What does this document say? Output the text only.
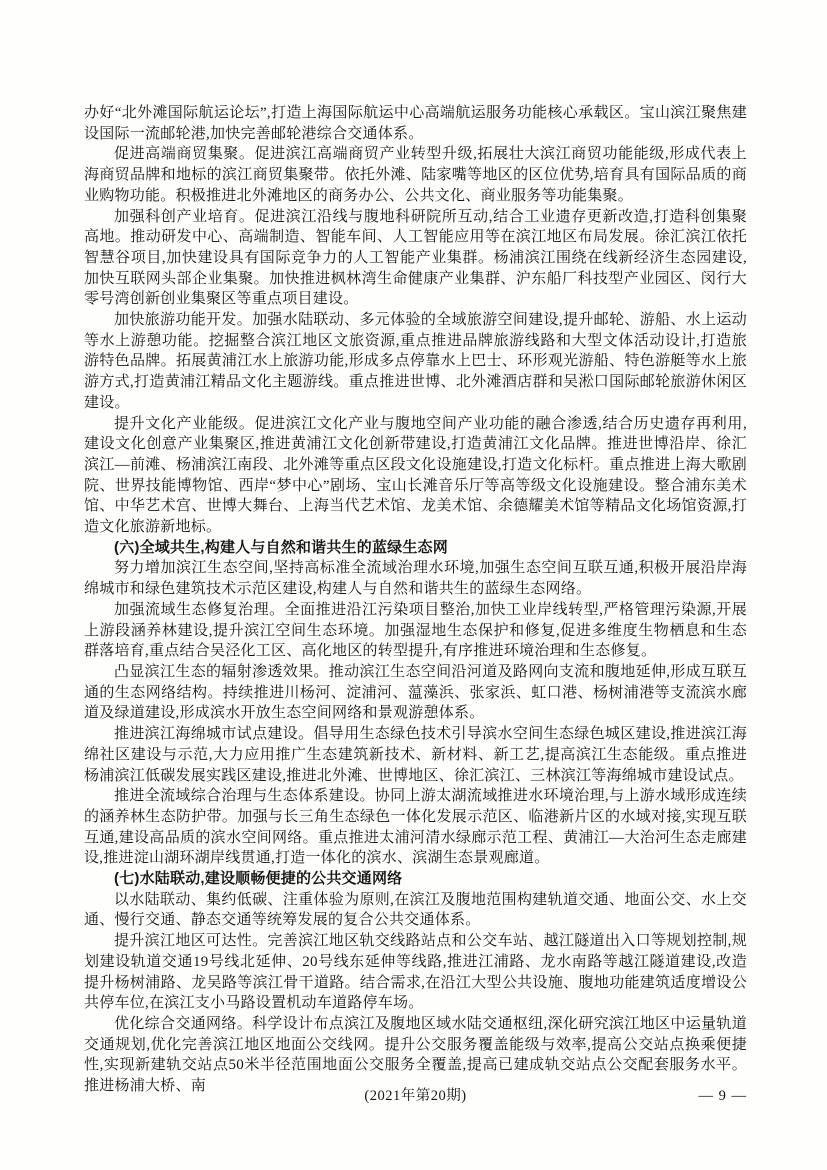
办好“北外滩国际航运论坛”,打造上海国际航运中心高端航运服务功能核心承载区。宝山滨江聚焦建设国际一流邮轮港,加快完善邮轮港综合交通体系。

促进高端商贸集聚。促进滨江高端商贸产业转型升级,拓展壮大滨江商贸功能能级,形成代表上海商贸品牌和地标的滨江商贸集聚带。依托外滩、陆家嘴等地区的区位优势,培育具有国际品质的商业购物功能。积极推进北外滩地区的商务办公、公共文化、商业服务等功能集聚。

加强科创产业培育。促进滨江沿线与腹地科研院所互动,结合工业遗存更新改造,打造科创集聚高地。推动研发中心、高端制造、智能车间、人工智能应用等在滨江地区布局发展。徐汇滨江依托智慧谷项目,加快建设具有国际竞争力的人工智能产业集群。杨浦滨江围绕在线新经济生态园建设,加快互联网头部企业集聚。加快推进枫林湾生命健康产业集群、沪东船厂科技型产业园区、闵行大零号湾创新创业集聚区等重点项目建设。

加快旅游功能开发。加强水陆联动、多元体验的全域旅游空间建设,提升邮轮、游船、水上运动等水上游憩功能。挖掘整合滨江地区文旅资源,重点推进品牌旅游线路和大型文体活动设计,打造旅游特色品牌。拓展黄浦江水上旅游功能,形成多点停靠水上巴士、环形观光游船、特色游艇等水上旅游方式,打造黄浦江精品文化主题游线。重点推进世博、北外滩酒店群和吴淞口国际邮轮旅游休闲区建设。

提升文化产业能级。促进滨江文化产业与腹地空间产业功能的融合渗透,结合历史遗存再利用,建设文化创意产业集聚区,推进黄浦江文化创新带建设,打造黄浦江文化品牌。推进世博沿岸、徐汇滨江—前滩、杨浦滨江南段、北外滩等重点区段文化设施建设,打造文化标杆。重点推进上海大歌剧院、世界技能博物馆、西岸“梦中心”剧场、宝山长滩音乐厅等高等级文化设施建设。整合浦东美术馆、中华艺术宫、世博大舞台、上海当代艺术馆、龙美术馆、余德耀美术馆等精品文化场馆资源,打造文化旅游新地标。

(六)全域共生,构建人与自然和谐共生的蓝绿生态网

努力增加滨江生态空间,坚持高标准全流域治理水环境,加强生态空间互联互通,积极开展沿岸海绵城市和绿色建筑技术示范区建设,构建人与自然和谐共生的蓝绿生态网络。

加强流域生态修复治理。全面推进沿江污染项目整治,加快工业岸线转型,严格管理污染源,开展上游段涵养林建设,提升滨江空间生态环境。加强湿地生态保护和修复,促进多维度生物栖息和生态群落培育,重点结合吴泾化工区、高化地区的转型提升,有序推进环境治理和生态修复。

凸显滨江生态的辐射渗透效果。推动滨江生态空间沿河道及路网向支流和腹地延伸,形成互联互通的生态网络结构。持续推进川杨河、淀浦河、蕰藻浜、张家浜、虹口港、杨树浦港等支流滨水廊道及绿道建设,形成滨水开放生态空间网络和景观游憩体系。

推进滨江海绵城市试点建设。倡导用生态绿色技术引导滨水空间生态绿色城区建设,推进滨江海绵社区建设与示范,大力应用推广生态建筑新技术、新材料、新工艺,提高滨江生态能级。重点推进杨浦滨江低碳发展实践区建设,推进北外滩、世博地区、徐汇滨江、三林滨江等海绵城市建设试点。

推进全流域综合治理与生态体系建设。协同上游太湖流域推进水环境治理,与上游水域形成连续的涵养林生态防护带。加强与长三角生态绿色一体化发展示范区、临港新片区的水域对接,实现互联互通,建设高品质的滨水空间网络。重点推进太浦河清水绿廊示范工程、黄浦江—大治河生态走廊建设,推进淀山湖环湖岸线贯通,打造一体化的滨水、滨湖生态景观廊道。

(七)水陆联动,建设顺畅便捷的公共交通网络

以水陆联动、集约低碳、注重体验为原则,在滨江及腹地范围构建轨道交通、地面公交、水上交通、慢行交通、静态交通等统筹发展的复合公共交通体系。

提升滨江地区可达性。完善滨江地区轨交线路站点和公交车站、越江隧道出入口等规划控制,规划建设轨道交通19号线北延伸、20号线东延伸等线路,推进江浦路、龙水南路等越江隧道建设,改造提升杨树浦路、龙吴路等滨江骨干道路。结合需求,在沿江大型公共设施、腹地功能建筑适度增设公共停车位,在滨江支小马路设置机动车道路停车场。

优化综合交通网络。科学设计布点滨江及腹地区域水陆交通枢纽,深化研究滨江地区中运量轨道交通规划,优化完善滨江地区地面公交线网。提升公交服务覆盖能级与效率,提高公交站点换乘便捷性,实现新建轨交站点50米半径范围地面公交服务全覆盖,提高已建成轨交站点公交配套服务水平。推进杨浦大桥、南

(2021年第20期)	— 9 —
